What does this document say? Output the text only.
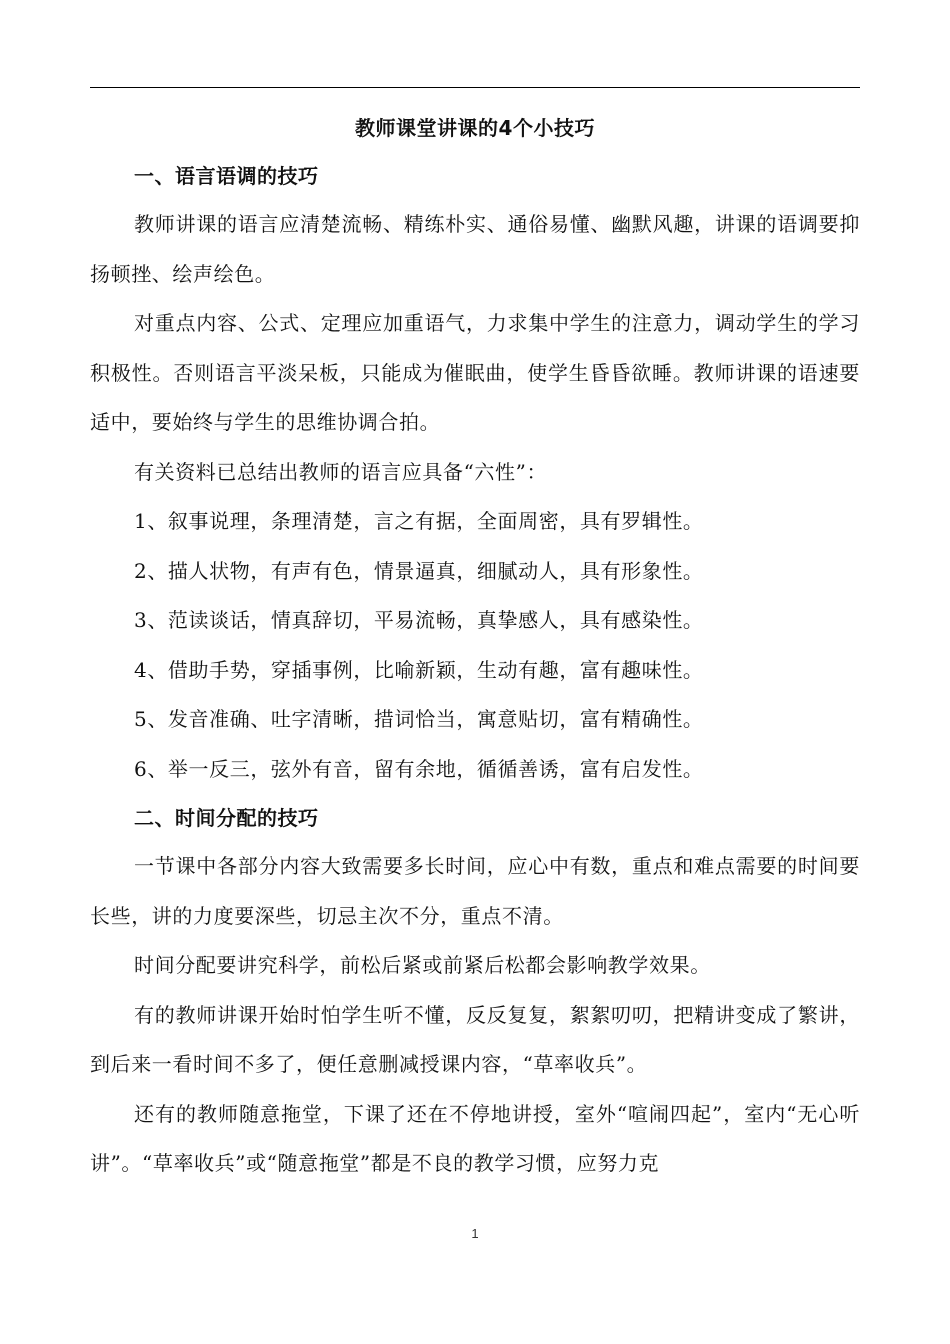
教师课堂讲课的4个小技巧
一、语言语调的技巧

教师讲课的语言应清楚流畅、精练朴实、通俗易懂、幽默风趣，讲课的语调要抑扬顿挫、绘声绘色。

对重点内容、公式、定理应加重语气，力求集中学生的注意力，调动学生的学习积极性。否则语言平淡呆板，只能成为催眠曲，使学生昏昏欲睡。教师讲课的语速要适中，要始终与学生的思维协调合拍。

有关资料已总结出教师的语言应具备“六性”：

1、叙事说理，条理清楚，言之有据，全面周密，具有罗辑性。

2、描人状物，有声有色，情景逼真，细腻动人，具有形象性。

3、范读谈话，情真辞切，平易流畅，真挚感人，具有感染性。

4、借助手势，穿插事例，比喻新颖，生动有趣，富有趣味性。

5、发音准确、吐字清晰，措词恰当，寓意贴切，富有精确性。

6、举一反三，弦外有音，留有余地，循循善诱，富有启发性。

二、时间分配的技巧

一节课中各部分内容大致需要多长时间，应心中有数，重点和难点需要的时间要长些，讲的力度要深些，切忌主次不分，重点不清。

时间分配要讲究科学，前松后紧或前紧后松都会影响教学效果。

有的教师讲课开始时怕学生听不懂，反反复复，絮絮叨叨，把精讲变成了繁讲，到后来一看时间不多了，便任意删减授课内容，“草率收兵”。

还有的教师随意拖堂，下课了还在不停地讲授，室外“喧闹四起”，室内“无心听讲”。“草率收兵”或“随意拖堂”都是不良的教学习惯，应努力克

1
